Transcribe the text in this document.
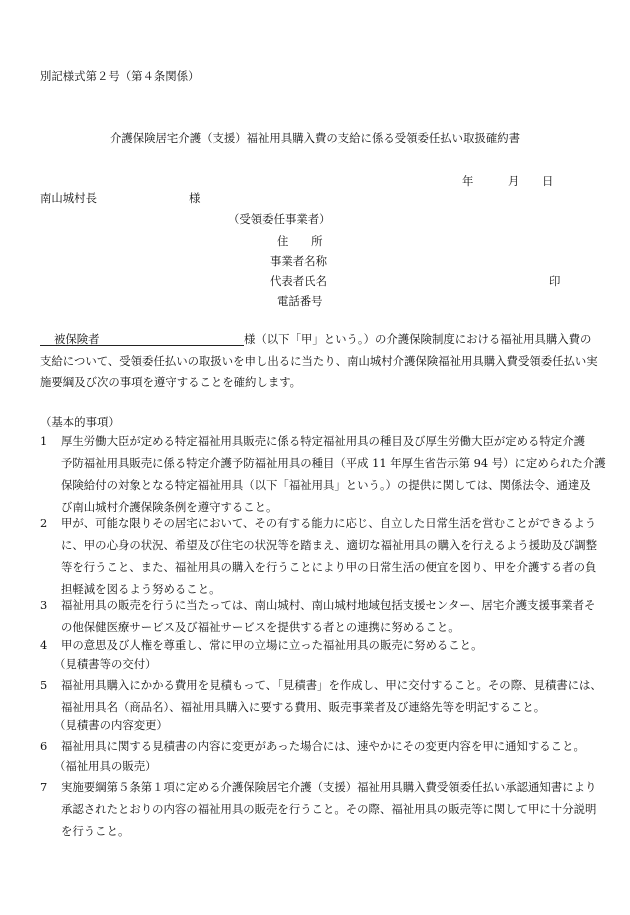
別記様式第２号（第４条関係）
介護保険居宅介護（支援）福祉用具購入費の支給に係る受領委任払い取扱確約書
年	月 日
南山城村長	様
（受領委任事業者）
住　　所
事業者名称
代表者氏名
電話番号
印

被保険者	様（以下「甲」という。）の介護保険制度における福祉用具購入費の

支給について、受領委任払いの取扱いを申し出るに当たり、南山城村介護保険福祉用具購入費受領委任払い実

施要綱及び次の事項を遵守することを確約します。

（基本的事項）
1 厚生労働大臣が定める特定福祉用具販売に係る特定福祉用具の種目及び厚生労働大臣が定める特定介護

予防福祉用具販売に係る特定介護予防福祉用具の種目（平成 11 年厚生省告示第 94 号）に定められた介護

保険給付の対象となる特定福祉用具（以下「福祉用具」という。）の提供に関しては、関係法令、通達及

び南山城村介護保険条例を遵守すること。

2 甲が、可能な限りその居宅において、その有する能力に応じ、自立した日常生活を営むことができるよう

に、甲の心身の状況、希望及び住宅の状況等を踏まえ、適切な福祉用具の購入を行えるよう援助及び調整

等を行うこと、また、福祉用具の購入を行うことにより甲の日常生活の便宜を図り、甲を介護する者の負

担軽減を図るよう努めること。

3 福祉用具の販売を行うに当たっては、南山城村、南山城村地域包括支援センター、居宅介護支援事業者そ

の他保健医療サービス及び福祉サービスを提供する者との連携に努めること。

4 甲の意思及び人権を尊重し、常に甲の立場に立った福祉用具の販売に努めること。

（見積書等の交付）
5 福祉用具購入にかかる費用を見積もって、「見積書」を作成し、甲に交付すること。その際、見積書には、

福祉用具名（商品名）、福祉用具購入に要する費用、販売事業者及び連絡先等を明記すること。

（見積書の内容変更）
6 福祉用具に関する見積書の内容に変更があった場合には、速やかにその変更内容を甲に通知すること。

（福祉用具の販売）
7 実施要綱第５条第１項に定める介護保険居宅介護（支援）福祉用具購入費受領委任払い承認通知書により

承認されたとおりの内容の福祉用具の販売を行うこと。その際、福祉用具の販売等に関して甲に十分説明

を行うこと。
